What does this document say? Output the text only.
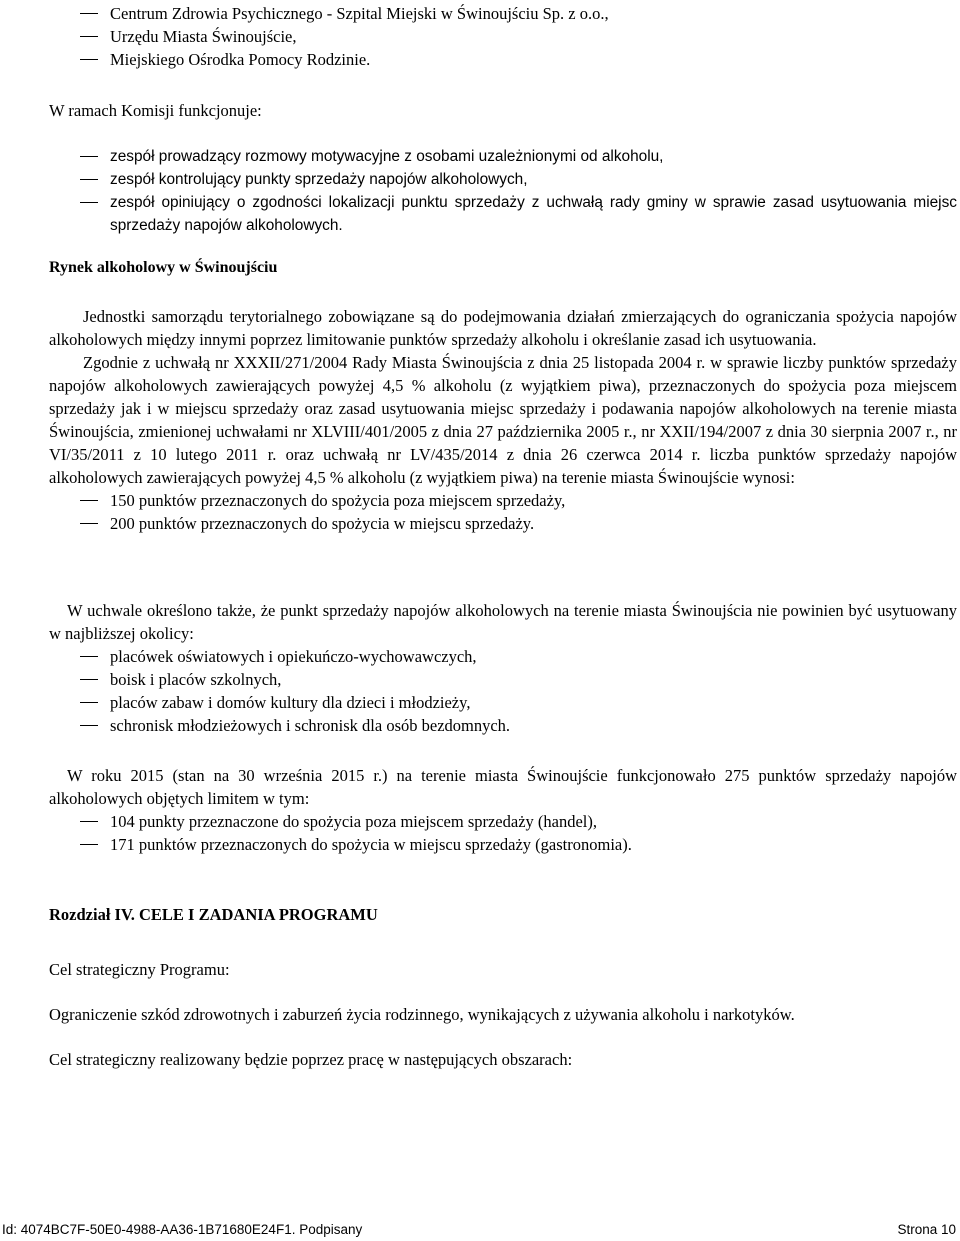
Centrum Zdrowia Psychicznego - Szpital Miejski w Świnoujściu Sp. z o.o.,
Urzędu Miasta Świnoujście,
Miejskiego Ośrodka Pomocy Rodzinie.
W ramach Komisji funkcjonuje:
zespół prowadzący rozmowy motywacyjne z osobami uzależnionymi od alkoholu,
zespół kontrolujący punkty sprzedaży napojów alkoholowych,
zespół opiniujący o zgodności lokalizacji punktu sprzedaży z uchwałą rady gminy w sprawie zasad usytuowania miejsc sprzedaży napojów alkoholowych.
Rynek alkoholowy w Świnoujściu

Jednostki samorządu terytorialnego zobowiązane są do podejmowania działań zmierzających do ograniczania spożycia napojów alkoholowych między innymi poprzez limitowanie punktów sprzedaży alkoholu i określanie zasad ich usytuowania.

Zgodnie z uchwałą nr XXXII/271/2004 Rady Miasta Świnoujścia z dnia 25 listopada 2004 r. w sprawie liczby punktów sprzedaży napojów alkoholowych zawierających powyżej 4,5 % alkoholu (z wyjątkiem piwa), przeznaczonych do spożycia poza miejscem sprzedaży jak i w miejscu sprzedaży oraz zasad usytuowania miejsc sprzedaży i podawania napojów alkoholowych na terenie miasta Świnoujścia, zmienionej uchwałami nr XLVIII/401/2005 z dnia 27 października 2005 r., nr XXII/194/2007 z dnia 30 sierpnia 2007 r., nr VI/35/2011 z 10 lutego 2011 r. oraz uchwałą nr LV/435/2014 z dnia 26 czerwca 2014 r. liczba punktów sprzedaży napojów alkoholowych zawierających powyżej 4,5 % alkoholu (z wyjątkiem piwa) na terenie miasta Świnoujście wynosi:

150 punktów przeznaczonych do spożycia poza miejscem sprzedaży,
200 punktów przeznaczonych do spożycia w miejscu sprzedaży.

W uchwale określono także, że punkt sprzedaży napojów alkoholowych na terenie miasta Świnoujścia nie powinien być usytuowany w najbliższej okolicy:

placówek oświatowych i opiekuńczo-wychowawczych,
boisk i placów szkolnych,
placów zabaw i domów kultury dla dzieci i młodzieży,
schronisk młodzieżowych i schronisk dla osób bezdomnych.

W roku 2015 (stan na 30 września 2015 r.) na terenie miasta Świnoujście funkcjonowało 275 punktów sprzedaży napojów alkoholowych objętych limitem w tym:

104 punkty przeznaczone do spożycia poza miejscem sprzedaży (handel),
171 punktów przeznaczonych do spożycia w miejscu sprzedaży (gastronomia).
Rozdział IV. CELE I ZADANIA PROGRAMU
Cel strategiczny Programu:
Ograniczenie szkód zdrowotnych i zaburzeń życia rodzinnego, wynikających z używania alkoholu i narkotyków.
Cel strategiczny realizowany będzie poprzez pracę w następujących obszarach:
Id: 4074BC7F-50E0-4988-AA36-1B71680E24F1. Podpisany	Strona 10
